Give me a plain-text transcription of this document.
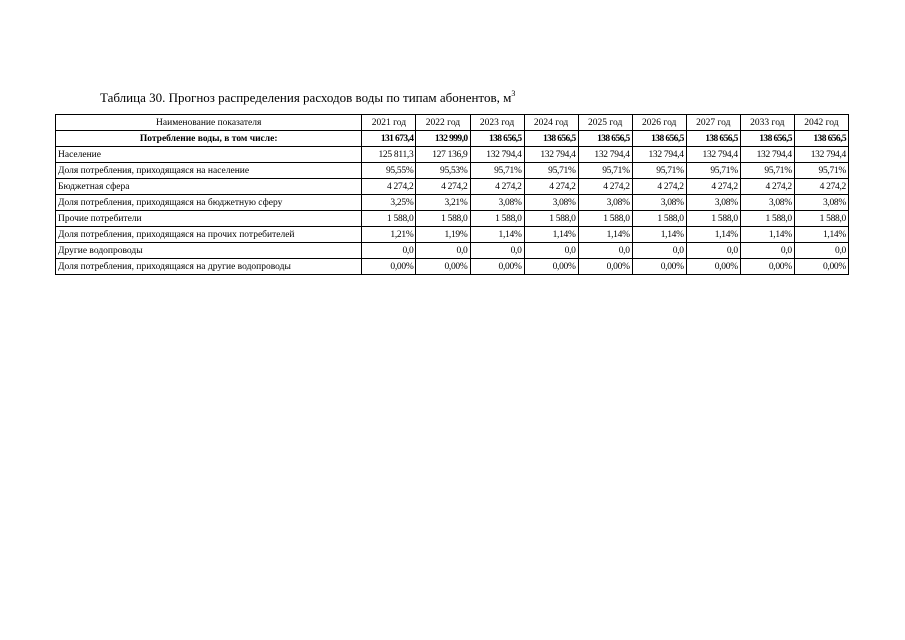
Таблица 30. Прогноз распределения расходов воды по типам абонентов, $м^3$
Наименование показателя	2021 год	2022 год	2023 год	2024 год	2025 год	2026 год	2027 год	2033 год	2042 год
Потребление воды, в том числе:	131 673,4	132 999,0	138 656,5	138 656,5	138 656,5	138 656,5	138 656,5	138 656,5	138 656,5
Население	125 811,3	127 136,9	132 794,4	132 794,4	132 794,4	132 794,4	132 794,4	132 794,4	132 794,4
Доля потребления, приходящаяся на население	95,55%	95,53%	95,71%	95,71%	95,71%	95,71%	95,71%	95,71%	95,71%
Бюджетная сфера	4 274,2	4 274,2	4 274,2	4 274,2	4 274,2	4 274,2	4 274,2	4 274,2	4 274,2
Доля потребления, приходящаяся на бюджетную сферу	3,25%	3,21%	3,08%	3,08%	3,08%	3,08%	3,08%	3,08%	3,08%
Прочие потребители	1 588,0	1 588,0	1 588,0	1 588,0	1 588,0	1 588,0	1 588,0	1 588,0	1 588,0
Доля потребления, приходящаяся на прочих потребителей	1,21%	1,19%	1,14%	1,14%	1,14%	1,14%	1,14%	1,14%	1,14%
Другие водопроводы	0,0	0,0	0,0	0,0	0,0	0,0	0,0	0,0	0,0
Доля потребления, приходящаяся на другие водопроводы	0,00%	0,00%	0,00%	0,00%	0,00%	0,00%	0,00%	0,00%	0,00%
